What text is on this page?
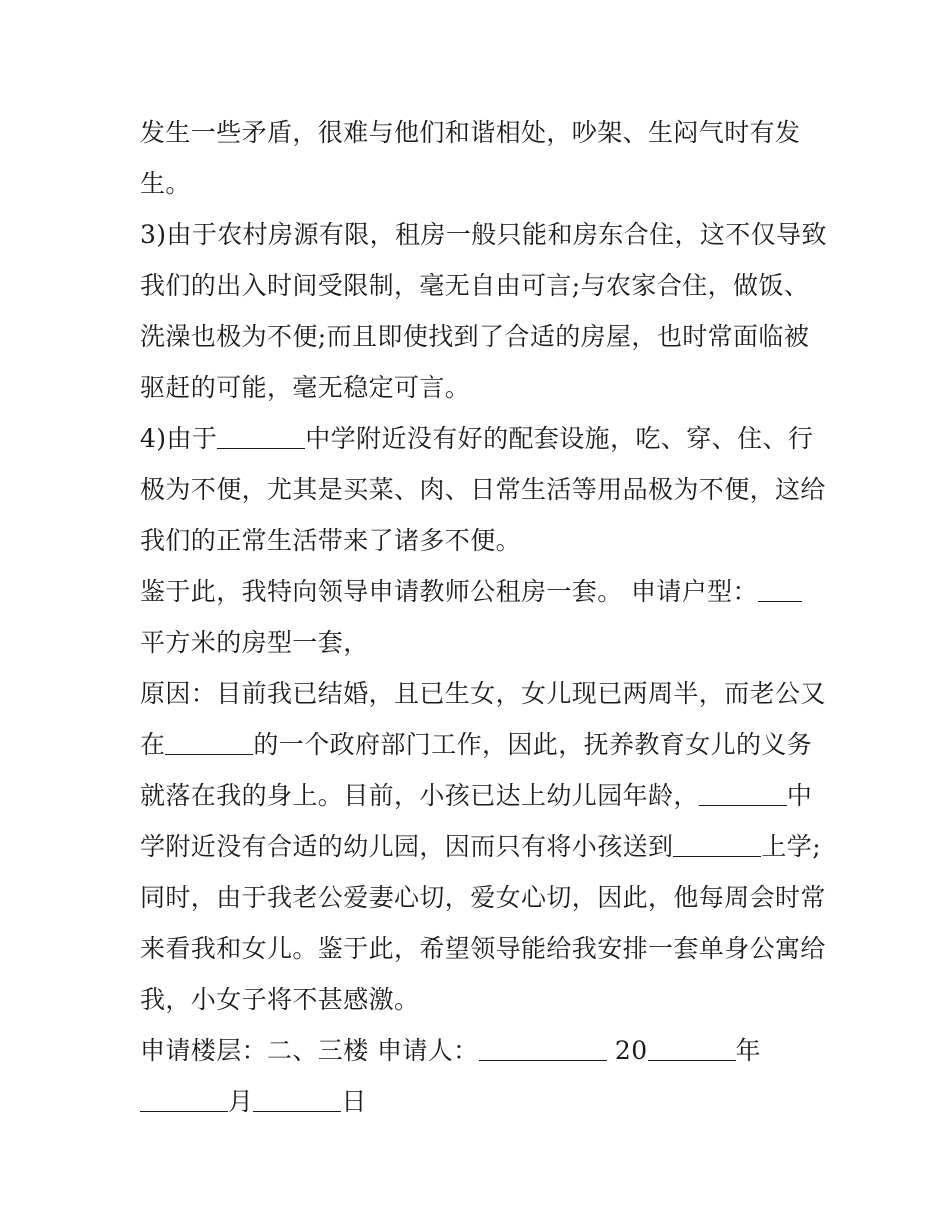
发生一些矛盾，很难与他们和谐相处，吵架、生闷气时有发
生。
3)由于农村房源有限，租房一般只能和房东合住，这不仅导致
我们的出入时间受限制，毫无自由可言;与农家合住，做饭、
洗澡也极为不便;而且即使找到了合适的房屋，也时常面临被
驱赶的可能，毫无稳定可言。
4)由于	中学附近没有好的配套设施，吃、穿、住、行
极为不便，尤其是买菜、肉、日常生活等用品极为不便，这给
我们的正常生活带来了诸多不便。
鉴于此，我特向领导申请教师公租房一套。 申请户型：
平方米的房型一套，
原因：目前我已结婚，且已生女，女儿现已两周半，而老公又
在	的一个政府部门工作，因此，抚养教育女儿的义务
就落在我的身上。目前，小孩已达上幼儿园年龄，	中
学附近没有合适的幼儿园，因而只有将小孩送到	上学;
同时，由于我老公爱妻心切，爱女心切，因此，他每周会时常
来看我和女儿。鉴于此，希望领导能给我安排一套单身公寓给
我，小女子将不甚感激。
申请楼层：二、三楼 申请人：	20	年
月	日
